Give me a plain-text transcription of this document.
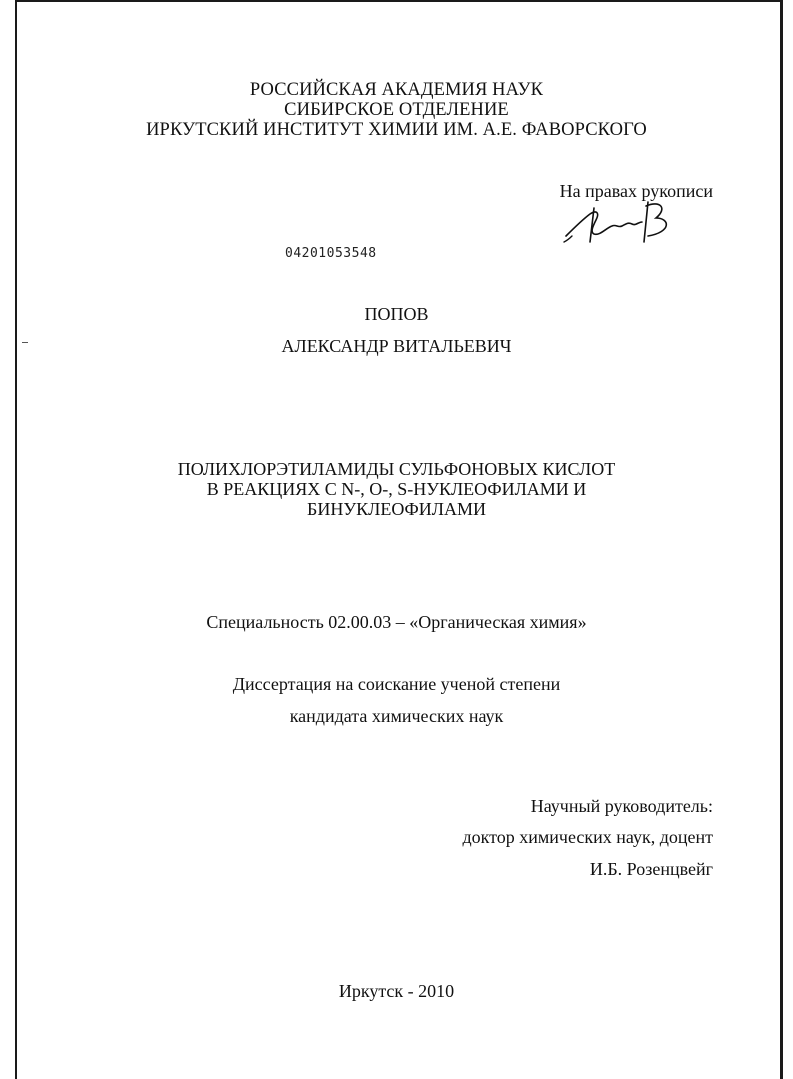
РОССИЙСКАЯ АКАДЕМИЯ НАУК
СИБИРСКОЕ ОТДЕЛЕНИЕ
ИРКУТСКИЙ ИНСТИТУТ ХИМИИ ИМ. А.Е. ФАВОРСКОГО
На правах рукописи
04201053548
ПОПОВ
АЛЕКСАНДР ВИТАЛЬЕВИЧ
ПОЛИХЛОРЭТИЛАМИДЫ СУЛЬФОНОВЫХ КИСЛОТ
В РЕАКЦИЯХ С N-, O-, S-НУКЛЕОФИЛАМИ И
БИНУКЛЕОФИЛАМИ
Специальность 02.00.03 – «Органическая химия»
Диссертация на соискание ученой степени
кандидата химических наук
Научный руководитель:
доктор химических наук, доцент
И.Б. Розенцвейг
Иркутск - 2010
